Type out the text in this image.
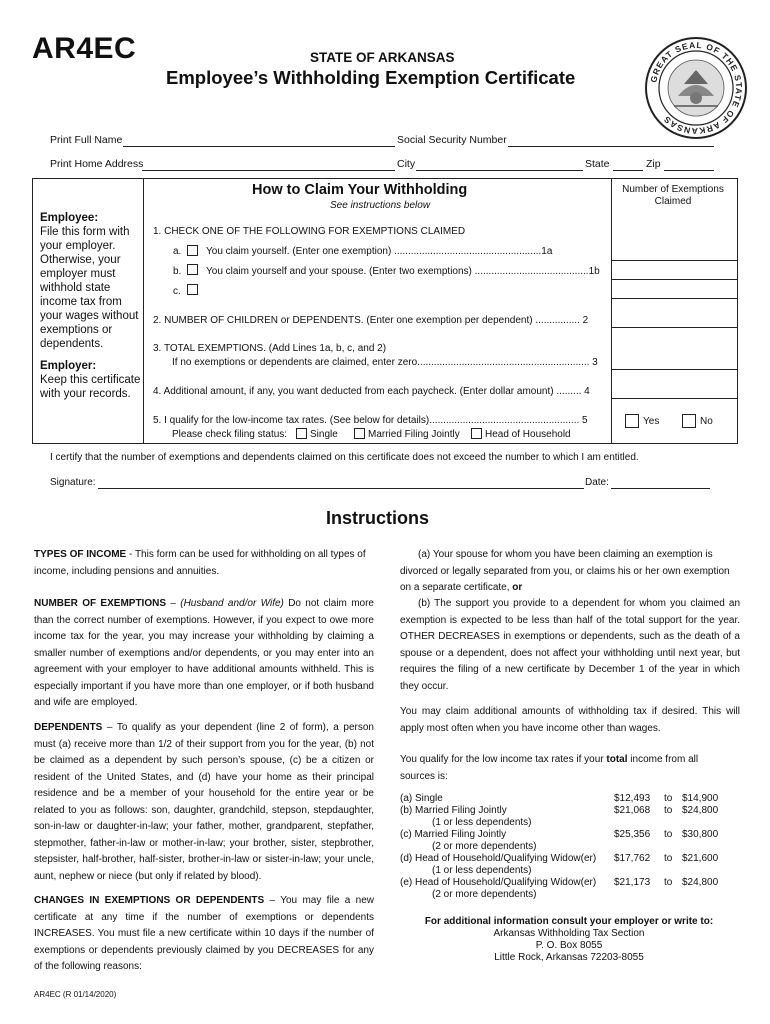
AR4EC	STATE OF ARKANSAS
Employee’s Withholding Exemption Certificate	GREAT SEAL OF THE STATE OF ARKANSAS
Print Full Name	Social Security Number
Print Home Address	City	State	Zip
Employee:
File this form with
your employer.
Otherwise, your
employer must
withhold state
income tax from
your wages without
exemptions or
dependents.
Employer:
Keep this certificate
with your records.
How to Claim Your Withholding
See instructions below
Number of Exemptions
Claimed
1. CHECK ONE OF THE FOLLOWING FOR EXEMPTIONS CLAIMED
a. You claim yourself. (Enter one exemption) .....................................................1a
b. You claim yourself and your spouse. (Enter two exemptions) .........................................1b
c.
2. NUMBER OF CHILDREN or DEPENDENTS. (Enter one exemption per dependent) ................ 2
3. TOTAL EXEMPTIONS. (Add Lines 1a, b, c, and 2)
If no exemptions or dependents are claimed, enter zero.............................................................. 3
4. Additional amount, if any, you want deducted from each paycheck. (Enter dollar amount) ......... 4
5. I qualify for the low-income tax rates. (See below for details)...................................................... 5
Please check filing status: Single	Married Filing Jointly	Head of Household
Yes	No
I certify that the number of exemptions and dependents claimed on this certificate does not exceed the number to which I am entitled.
Signature:	Date:
Instructions
TYPES OF INCOME - This form can be used for withholding on all types of income, including pensions and annuities.
NUMBER OF EXEMPTIONS – (Husband and/or Wife) Do not claim more than the correct number of exemptions. However, if you expect to owe more income tax for the year, you may increase your withholding by claiming a smaller number of exemptions and/or dependents, or you may enter into an agreement with your employer to have additional amounts withheld. This is especially important if you have more than one employer, or if both husband and wife are employed.
DEPENDENTS – To qualify as your dependent (line 2 of form), a person must (a) receive more than 1/2 of their support from you for the year, (b) not be claimed as a dependent by such person’s spouse, (c) be a citizen or resident of the United States, and (d) have your home as their principal residence and be a member of your household for the entire year or be related to you as follows: son, daughter, grandchild, stepson, stepdaughter, son-in-law or daughter-in-law; your father, mother, grandparent, stepfather, stepmother, father-in-law or mother-in-law; your brother, sister, stepbrother, stepsister, half-brother, half-sister, brother-in-law or sister-in-law; your uncle, aunt, nephew or niece (but only if related by blood).
CHANGES IN EXEMPTIONS OR DEPENDENTS – You may file a new certificate at any time if the number of exemptions or dependents INCREASES. You must file a new certificate within 10 days if the number of exemptions or dependents previously claimed by you DECREASES for any of the following reasons:
(a) Your spouse for whom you have been claiming an exemption is divorced or legally separated from you, or claims his or her own exemption on a separate certificate, or
(b) The support you provide to a dependent for whom you claimed an exemption is expected to be less than half of the total support for the year. OTHER DECREASES in exemptions or dependents, such as the death of a spouse or a dependent, does not affect your withholding until next year, but requires the filing of a new certificate by December 1 of the year in which they occur.
You may claim additional amounts of withholding tax if desired. This will apply most often when you have income other than wages.
You qualify for the low income tax rates if your total income from all sources is:
(a) Single	$12,493 to $14,900
(b) Married Filing Jointly	$21,068 to $24,800
(1 or less dependents)
(c) Married Filing Jointly	$25,356 to $30,800
(2 or more dependents)
(d) Head of Household/Qualifying Widow(er) $17,762 to $21,600
(1 or less dependents)
(e) Head of Household/Qualifying Widow(er) $21,173 to $24,800
(2 or more dependents)
For additional information consult your employer or write to:
Arkansas Withholding Tax Section
P. O. Box 8055
Little Rock, Arkansas 72203-8055
AR4EC (R 01/14/2020)
